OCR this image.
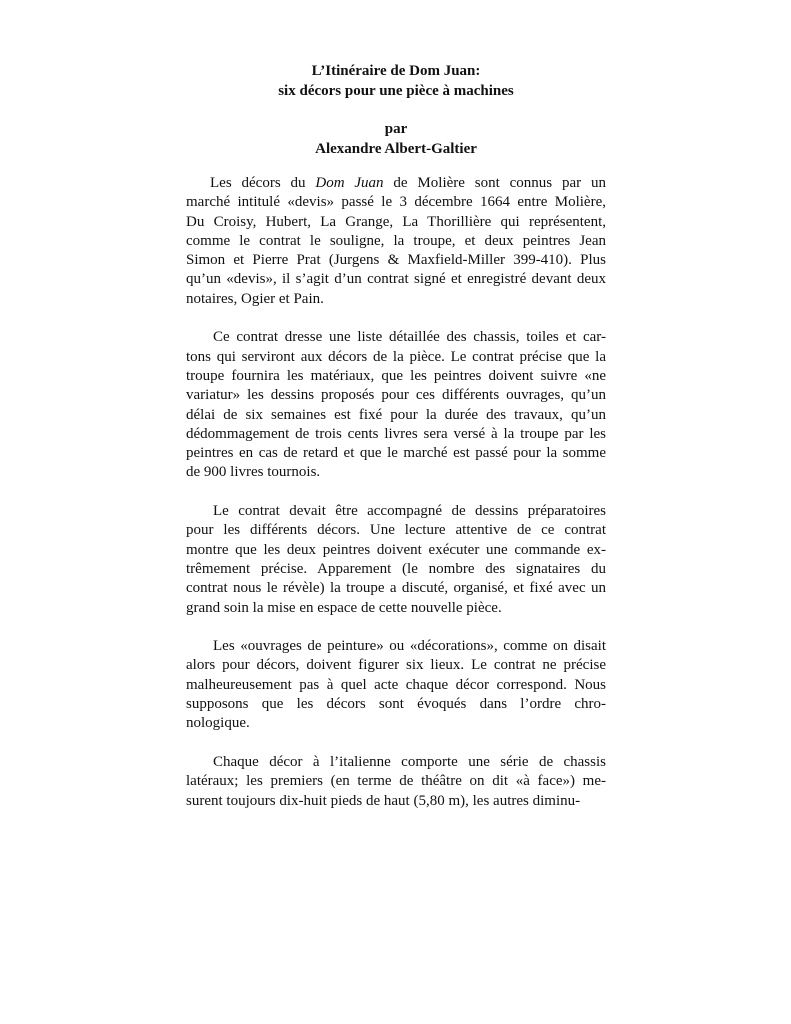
L’Itinéraire de Dom Juan:
six décors pour une pièce à machines
par
Alexandre Albert-Galtier
Les décors du Dom Juan de Molière sont connus par un
marché intitulé «devis» passé le 3 décembre 1664 entre Molière,
Du Croisy, Hubert, La Grange, La Thorillière qui représentent,
comme le contrat le souligne, la troupe, et deux peintres Jean
Simon et Pierre Prat (Jurgens & Maxfield-Miller 399-410). Plus
qu’un «devis», il s’agit d’un contrat signé et enregistré devant deux
notaires, Ogier et Pain.
Ce contrat dresse une liste détaillée des chassis, toiles et car-
tons qui serviront aux décors de la pièce. Le contrat précise que la
troupe fournira les matériaux, que les peintres doivent suivre «ne
variatur» les dessins proposés pour ces différents ouvrages, qu’un
délai de six semaines est fixé pour la durée des travaux, qu’un
dédommagement de trois cents livres sera versé à la troupe par les
peintres en cas de retard et que le marché est passé pour la somme
de 900 livres tournois.
Le contrat devait être accompagné de dessins préparatoires
pour les différents décors. Une lecture attentive de ce contrat
montre que les deux peintres doivent exécuter une commande ex-
trêmement précise. Apparement (le nombre des signataires du
contrat nous le révèle) la troupe a discuté, organisé, et fixé avec un
grand soin la mise en espace de cette nouvelle pièce.
Les «ouvrages de peinture» ou «décorations», comme on disait
alors pour décors, doivent figurer six lieux. Le contrat ne précise
malheureusement pas à quel acte chaque décor correspond. Nous
supposons que les décors sont évoqués dans l’ordre chro-
nologique.
Chaque décor à l’italienne comporte une série de chassis
latéraux; les premiers (en terme de théâtre on dit «à face») me-
surent toujours dix-huit pieds de haut (5,80 m), les autres diminu-
